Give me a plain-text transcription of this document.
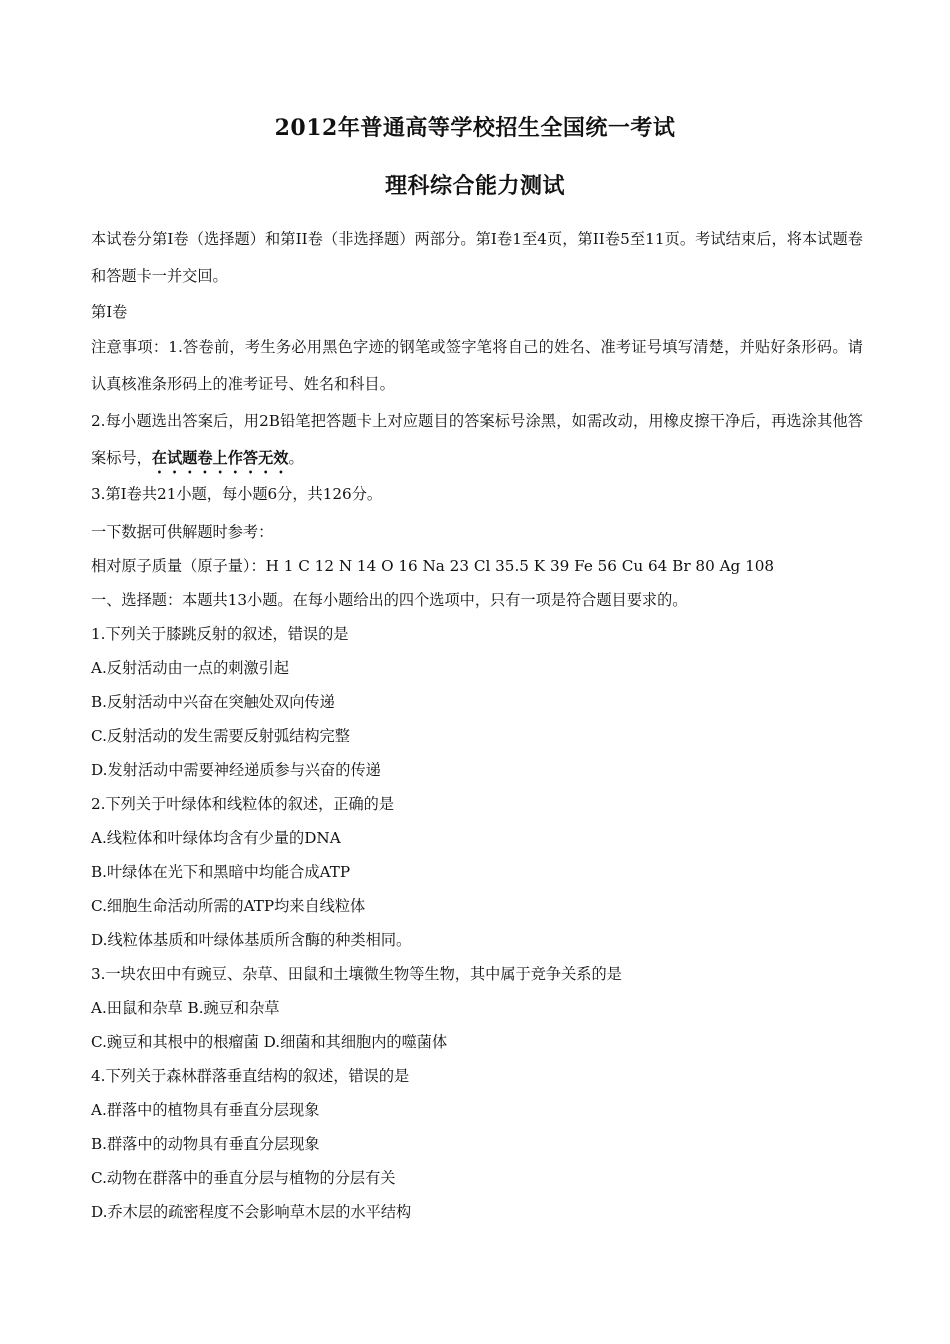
2012年普通高等学校招生全国统一考试
理科综合能力测试
本试卷分第I卷（选择题）和第II卷（非选择题）两部分。第I卷1至4页，第II卷5至11页。考试结束后，将本试题卷和答题卡一并交回。
第I卷
注意事项：1.答卷前，考生务必用黑色字迹的钢笔或签字笔将自己的姓名、准考证号填写清楚，并贴好条形码。请认真核准条形码上的准考证号、姓名和科目。
2.每小题选出答案后，用2B铅笔把答题卡上对应题目的答案标号涂黑，如需改动，用橡皮擦干净后，再选涂其他答案标号，在试题卷上作答无效。
3.第I卷共21小题，每小题6分，共126分。
一下数据可供解题时参考：
相对原子质量（原子量）：H 1 C 12 N 14 O 16 Na 23 Cl 35.5 K 39 Fe 56 Cu 64 Br 80 Ag 108
一、选择题：本题共13小题。在每小题给出的四个选项中，只有一项是符合题目要求的。
1.下列关于膝跳反射的叙述，错误的是
A.反射活动由一点的刺激引起
B.反射活动中兴奋在突触处双向传递
C.反射活动的发生需要反射弧结构完整
D.发射活动中需要神经递质参与兴奋的传递
2.下列关于叶绿体和线粒体的叙述，正确的是
A.线粒体和叶绿体均含有少量的DNA
B.叶绿体在光下和黑暗中均能合成ATP
C.细胞生命活动所需的ATP均来自线粒体
D.线粒体基质和叶绿体基质所含酶的种类相同。
3.一块农田中有豌豆、杂草、田鼠和土壤微生物等生物，其中属于竞争关系的是
A.田鼠和杂草 B.豌豆和杂草
C.豌豆和其根中的根瘤菌 D.细菌和其细胞内的噬菌体
4.下列关于森林群落垂直结构的叙述，错误的是
A.群落中的植物具有垂直分层现象
B.群落中的动物具有垂直分层现象
C.动物在群落中的垂直分层与植物的分层有关
D.乔木层的疏密程度不会影响草木层的水平结构
